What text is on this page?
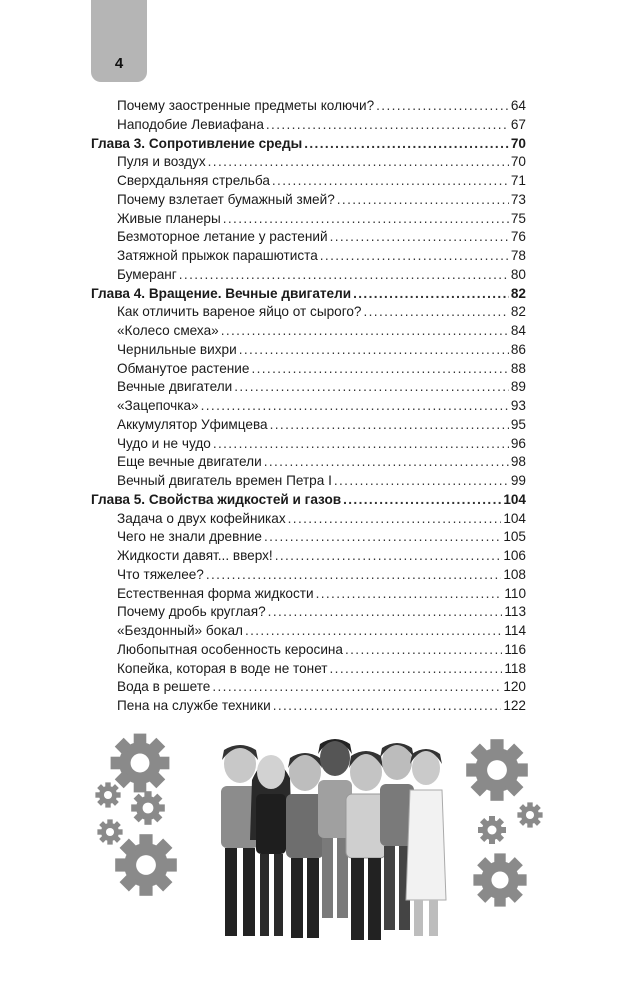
4
Почему заостренные предметы колючи? . . .	64
Наподобие Левиафана . . .	67
Глава 3. Сопротивление среды . . .	70
Пуля и воздух . . .	70
Сверхдальняя стрельба . . .	71
Почему взлетает бумажный змей? . . .	73
Живые планеры . . .	75
Безмоторное летание у растений . . .	76
Затяжной прыжок парашютиста . . .	78
Бумеранг . . .	80
Глава 4. Вращение. Вечные двигатели . . .	82
Как отличить вареное яйцо от сырого? . . .	82
«Колесо смеха» . . .	84
Чернильные вихри . . .	86
Обманутое растение . . .	88
Вечные двигатели . . .	89
«Зацепочка» . . .	93
Аккумулятор Уфимцева . . .	95
Чудо и не чудо . . .	96
Еще вечные двигатели . . .	98
Вечный двигатель времен Петра I . . .	99
Глава 5. Свойства жидкостей и газов . . .	104
Задача о двух кофейниках . . .	104
Чего не знали древние . . .	105
Жидкости давят... вверх! . . .	106
Что тяжелее? . . .	108
Естественная форма жидкости . . .	110
Почему дробь круглая? . . .	113
«Бездонный» бокал . . .	114
Любопытная особенность керосина . . .	116
Копейка, которая в воде не тонет . . .	118
Вода в решете . . .	120
Пена на службе техники . . .	122
